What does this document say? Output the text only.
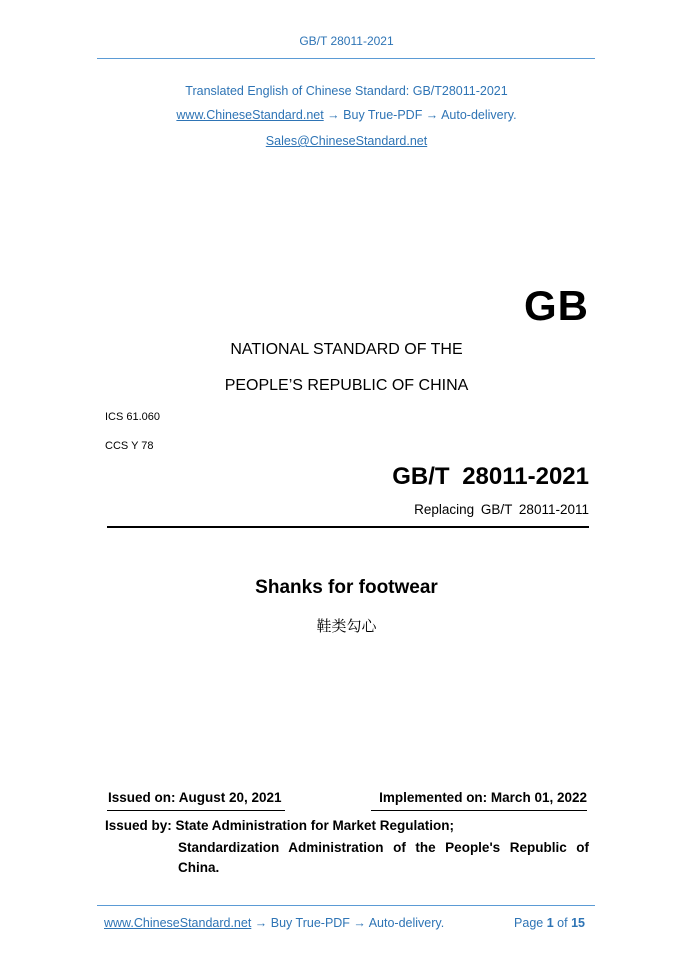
GB/T 28011-2021
Translated English of Chinese Standard: GB/T28011-2021
www.ChineseStandard.net → Buy True-PDF → Auto-delivery.
Sales@ChineseStandard.net
GB
NATIONAL STANDARD OF THE
PEOPLE’S REPUBLIC OF CHINA
ICS 61.060
CCS Y 78
GB/T 28011-2021
Replacing GB/T 28011-2011
Shanks for footwear
鞋类勾心
Issued on: August 20, 2021	Implemented on: March 01, 2022
Issued by: State Administration for Market Regulation;
Standardization Administration of the People's Republic of
China.
www.ChineseStandard.net → Buy True-PDF → Auto-delivery.	Page 1 of 15
